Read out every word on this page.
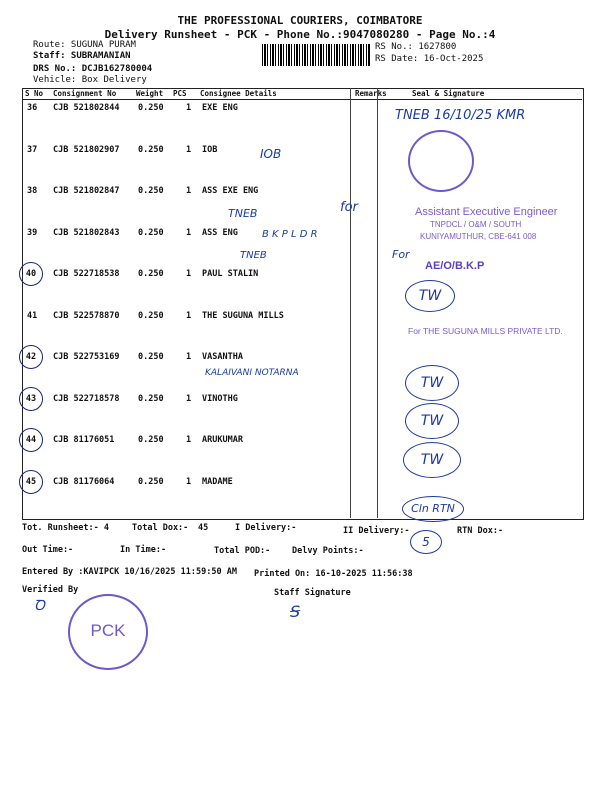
THE PROFESSIONAL COURIERS, COIMBATORE
Delivery Runsheet - PCK - Phone No.:9047080280 - Page No.:4
Route: SUGUNA PURAM
Staff: SUBRAMANIAN
DRS No.: DCJB162780004
Vehicle: Box Delivery
RS No.: 1627800
RS Date: 16-Oct-2025
S No Consignment No	Weight PCS Consignee Details	Remarks	Seal & Signature
36 CJB 521802844 0.250	1 EXE ENG
37 CJB 521802907 0.250	1 IOB
38 CJB 521802847 0.250	1 ASS EXE ENG
39 CJB 521802843 0.250	1 ASS ENG
40	CJB 522718538 0.250	1 PAUL STALIN
41 CJB 522578870 0.250	1 THE SUGUNA MILLS
42	CJB 522753169 0.250	1 VASANTHA
43	CJB 522718578 0.250	1 VINOTHG
44	CJB 81176051	0.250	1 ARUKUMAR
45	CJB 81176064	0.250	1 MADAME
TNEB 16/10/25 KMR
IOB
TNEB	for	Assistant Executive Engineer
TNPDCL / O&M / SOUTH
KUNIYAMUTHUR, CBE-641 008
B K P L D R
TNEB	For
AE/O/B.K.P
TW
For THE SUGUNA MILLS PRIVATE LTD.
KALAIVANI NOTARNA
TW
TW
TW
Cln RTN
5
Tot. Runsheet:- 4	Total Dox:- 45	I Delivery:-	II Delivery:-	RTN Dox:-
Out Time:-	In Time:-	Total POD:-	Delvy Points:-
Entered By :KAVIPCK 10/16/2025 11:59:50 AM Printed On: 16-10-2025 11:56:38
Verified By	Staff Signature
Ꝺ	Ꞩ
PCK
